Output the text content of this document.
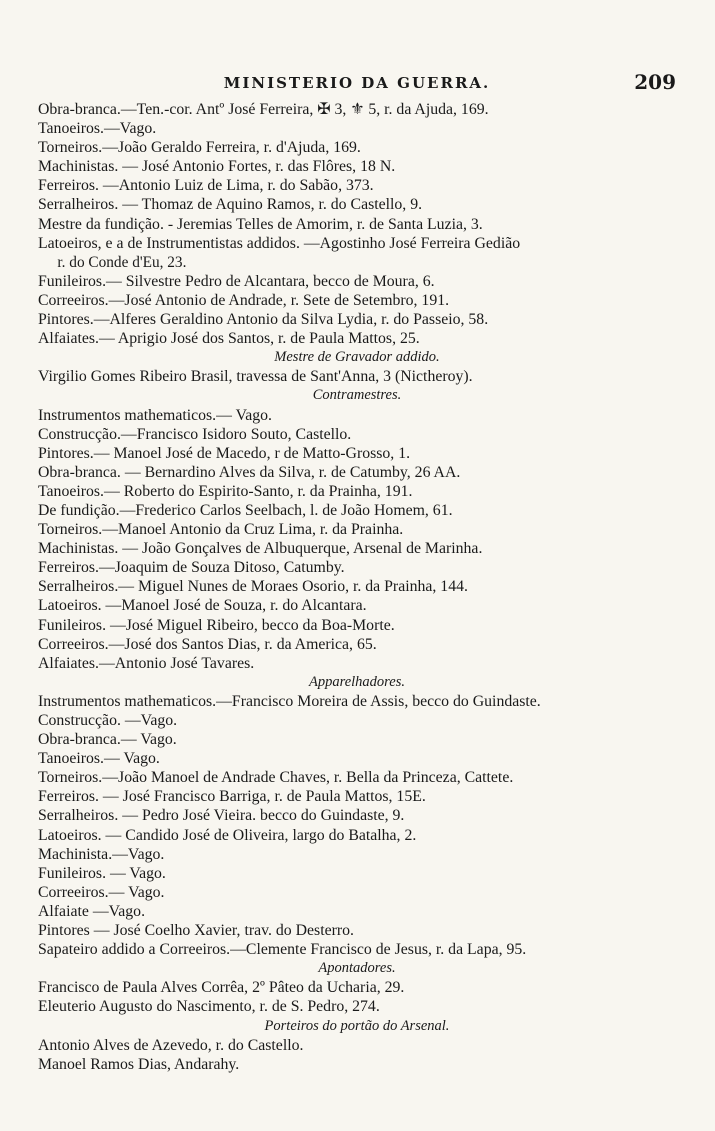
MINISTERIO DA GUERRA.	209
Obra-branca.—Ten.-cor. Antº José Ferreira, ✠ 3, ⚜ 5, r. da Ajuda, 169.
Tanoeiros.—Vago.
Torneiros.—João Geraldo Ferreira, r. d'Ajuda, 169.
Machinistas. — José Antonio Fortes, r. das Flôres, 18 N.
Ferreiros. —Antonio Luiz de Lima, r. do Sabão, 373.
Serralheiros. — Thomaz de Aquino Ramos, r. do Castello, 9.
Mestre da fundição. - Jeremias Telles de Amorim, r. de Santa Luzia, 3.
Latoeiros, e a de Instrumentistas addidos. —Agostinho José Ferreira Gedião
r. do Conde d'Eu, 23.
Funileiros.— Silvestre Pedro de Alcantara, becco de Moura, 6.
Correeiros.—José Antonio de Andrade, r. Sete de Setembro, 191.
Pintores.—Alferes Geraldino Antonio da Silva Lydia, r. do Passeio, 58.
Alfaiates.— Aprigio José dos Santos, r. de Paula Mattos, 25.
Mestre de Gravador addido.
Virgilio Gomes Ribeiro Brasil, travessa de Sant'Anna, 3 (Nictheroy).
Contramestres.
Instrumentos mathematicos.— Vago.
Construcção.—Francisco Isidoro Souto, Castello.
Pintores.— Manoel José de Macedo, r de Matto-Grosso, 1.
Obra-branca. — Bernardino Alves da Silva, r. de Catumby, 26 AA.
Tanoeiros.— Roberto do Espirito-Santo, r. da Prainha, 191.
De fundição.—Frederico Carlos Seelbach, l. de João Homem, 61.
Torneiros.—Manoel Antonio da Cruz Lima, r. da Prainha.
Machinistas. — João Gonçalves de Albuquerque, Arsenal de Marinha.
Ferreiros.—Joaquim de Souza Ditoso, Catumby.
Serralheiros.— Miguel Nunes de Moraes Osorio, r. da Prainha, 144.
Latoeiros. —Manoel José de Souza, r. do Alcantara.
Funileiros. —José Miguel Ribeiro, becco da Boa-Morte.
Correeiros.—José dos Santos Dias, r. da America, 65.
Alfaiates.—Antonio José Tavares.
Apparelhadores.
Instrumentos mathematicos.—Francisco Moreira de Assis, becco do Guindaste.
Construcção. —Vago.
Obra-branca.— Vago.
Tanoeiros.— Vago.
Torneiros.—João Manoel de Andrade Chaves, r. Bella da Princeza, Cattete.
Ferreiros. — José Francisco Barriga, r. de Paula Mattos, 15E.
Serralheiros. — Pedro José Vieira. becco do Guindaste, 9.
Latoeiros. — Candido José de Oliveira, largo do Batalha, 2.
Machinista.—Vago.
Funileiros. — Vago.
Correeiros.— Vago.
Alfaiate —Vago.
Pintores — José Coelho Xavier, trav. do Desterro.
Sapateiro addido a Correeiros.—Clemente Francisco de Jesus, r. da Lapa, 95.
Apontadores.
Francisco de Paula Alves Corrêa, 2º Pâteo da Ucharia, 29.
Eleuterio Augusto do Nascimento, r. de S. Pedro, 274.
Porteiros do portão do Arsenal.
Antonio Alves de Azevedo, r. do Castello.
Manoel Ramos Dias, Andarahy.
